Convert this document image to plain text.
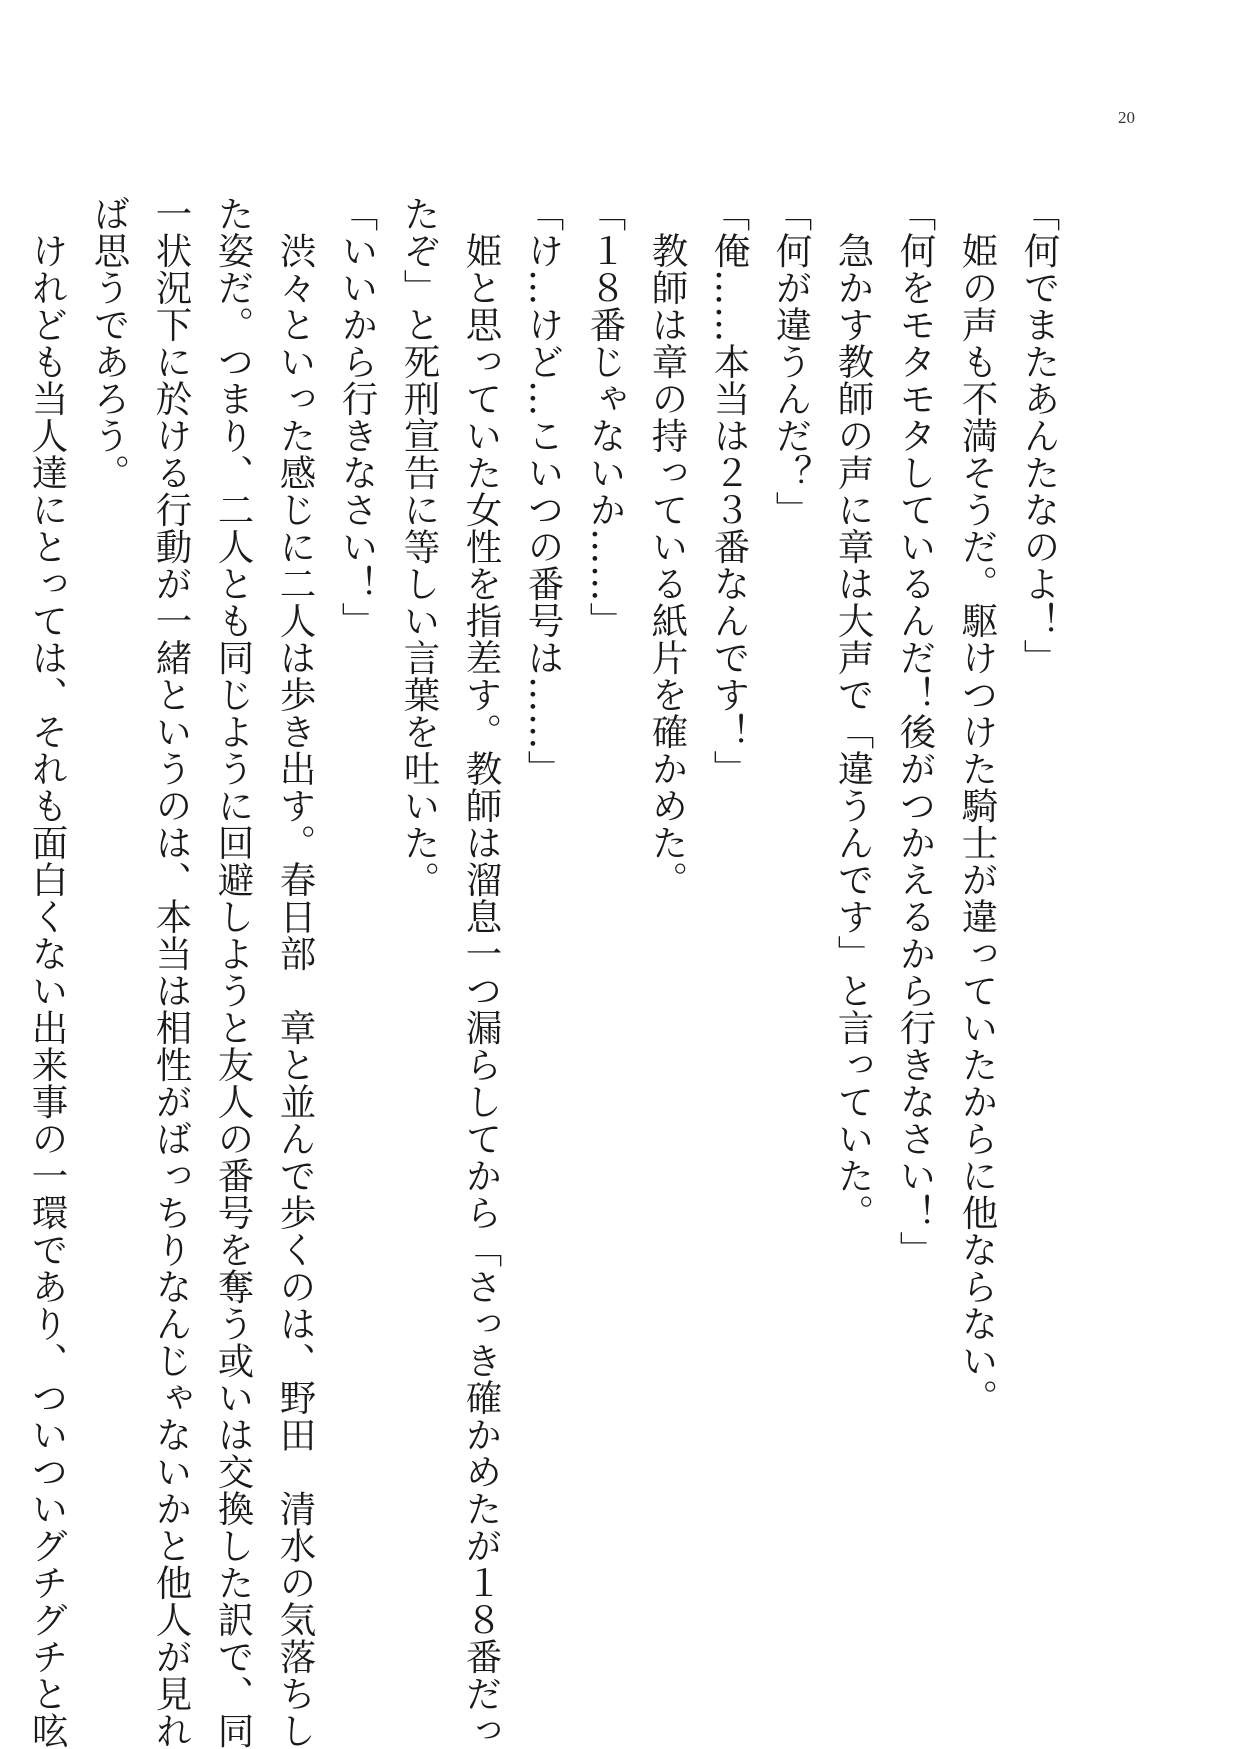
20
「何でまたあんたなのよ！」
　姫の声も不満そうだ。駆けつけた騎士が違っていたからに他ならない。
「何をモタモタしているんだ！後がつかえるから行きなさい！」
　急かす教師の声に章は大声で「違うんです」と言っていた。
「何が違うんだ？」
「俺……本当は２３番なんです！」
　教師は章の持っている紙片を確かめた。
「１８番じゃないか……」
「け…けど…こいつの番号は……」
　姫と思っていた女性を指差す。教師は溜息一つ漏らしてから「さっき確かめたが１８番だっ
たぞ」と死刑宣告に等しい言葉を吐いた。
「いいから行きなさい！」
　渋々といった感じに二人は歩き出す。春日部　章と並んで歩くのは、野田　清水の気落ちし
た姿だ。つまり、二人とも同じように回避しようと友人の番号を奪う或いは交換した訳で、同
一状況下に於ける行動が一緒というのは、本当は相性がばっちりなんじゃないかと他人が見れ
ば思うであろう。
　けれども当人達にとっては、それも面白くない出来事の一環であり、ついついグチグチと呟
